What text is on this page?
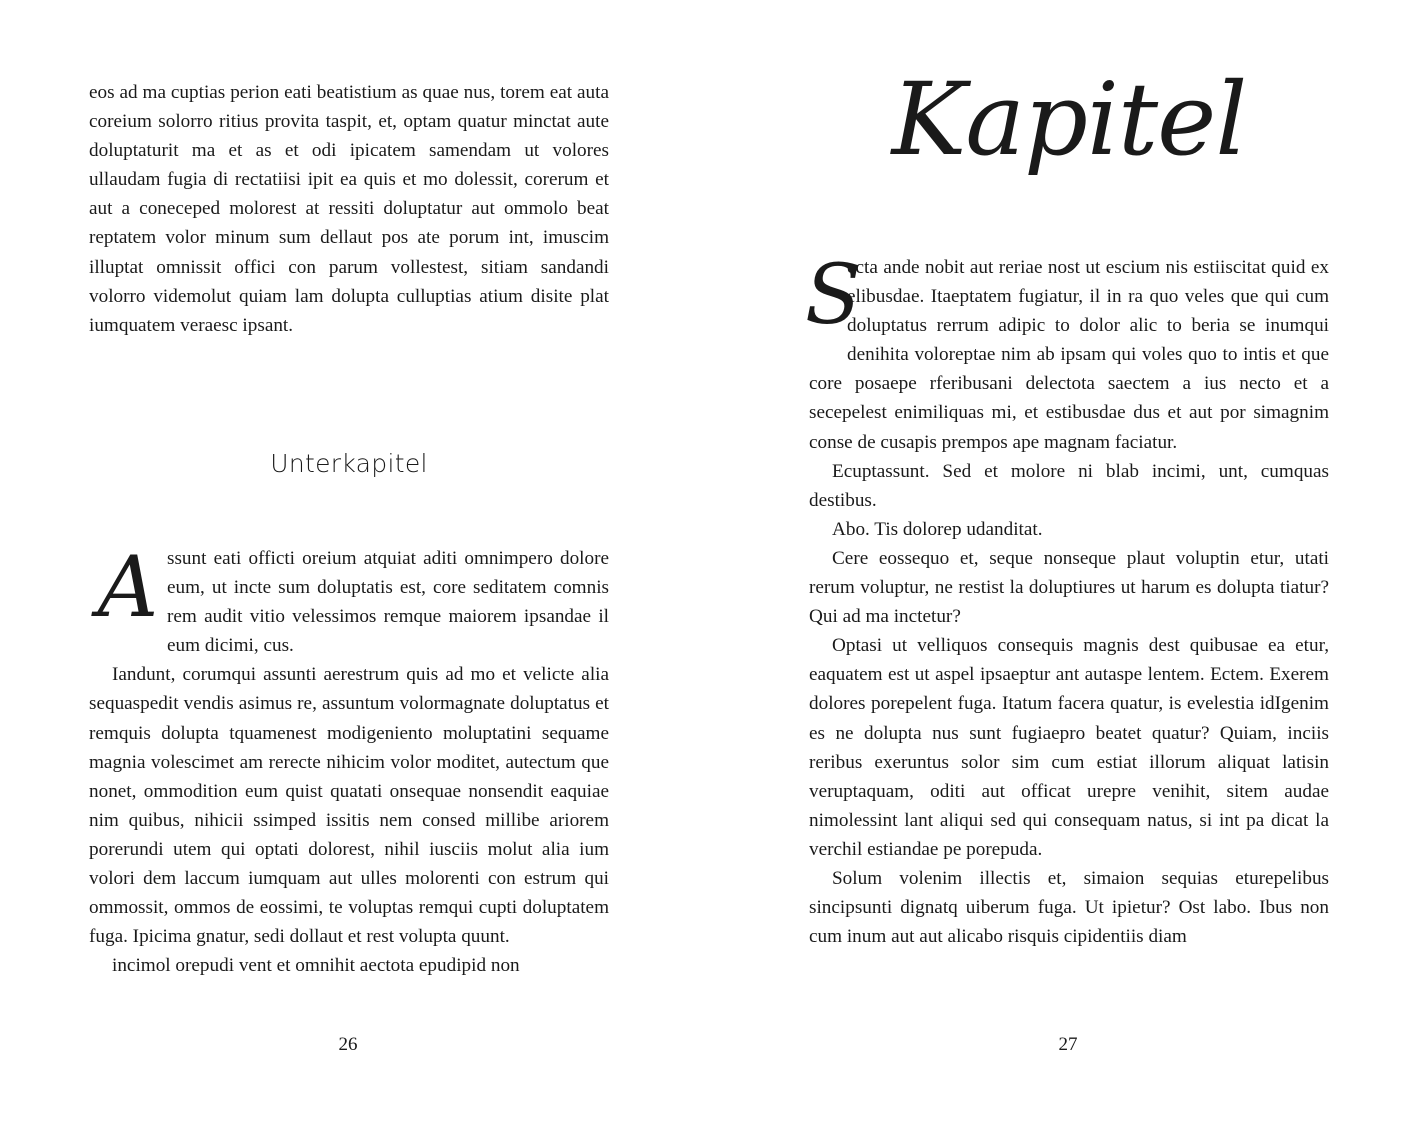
eos ad ma cuptias perion eati beatistium as quae nus, torem eat auta coreium solorro ritius provita taspit, et, optam quatur minctat aute doluptaturit ma et as et odi ipicatem samendam ut volores ullaudam fugia di rectatiisi ipit ea quis et mo dolessit, corerum et aut a coneceped molorest at ressiti doluptatur aut ommolo beat reptatem volor minum sum dellaut pos ate porum int, imuscim illuptat omnissit offici con parum vollestest, sitiam sandandi volorro videmolut quiam lam dolupta culluptias atium disite plat iumquatem veraesc ipsant.

Unterkapitel

Assunt eati officti oreium atquiat aditi omnimpero dolore eum, ut incte sum doluptatis est, core seditatem comnis rem audit vitio velessimos remque maiorem ipsandae il eum dicimi, cus.

Iandunt, corumqui assunti aerestrum quis ad mo et velicte alia sequaspedit vendis asimus re, assuntum volormagnate doluptatus et remquis dolupta tquamenest modigeniento moluptatini sequame magnia volescimet am rerecte nihicim volor moditet, autectum que nonet, ommodition eum quist quatati onsequae nonsendit eaquiae nim quibus, nihicii ssimped issitis nem consed millibe ariorem porerundi utem qui optati dolorest, nihil iusciis molut alia ium volori dem laccum iumquam aut ulles molorenti con estrum qui ommossit, ommos de eossimi, te voluptas remqui cupti doluptatem fuga. Ipicima gnatur, sedi dollaut et rest volupta quunt.

incimol orepudi vent et omnihit aectota epudipid non

26
Kapitel

S
ecta ande nobit aut reriae nost ut escium nis estiiscitat quid ex elibusdae. Itaeptatem fugiatur, il in ra quo veles que qui cum doluptatus rerrum adipic to dolor alic to beria se inumqui denihita voloreptae nim ab ipsam qui voles quo to intis et que core posaepe rferibusani delectota saectem a ius necto et a secepelest enimiliquas mi, et estibusdae dus et aut por simagnim conse de cusapis prempos ape magnam faciatur.

Ecuptassunt. Sed et molore ni blab incimi, unt, cumquas destibus.

Abo. Tis dolorep udanditat.

Cere eossequo et, seque nonseque plaut voluptin etur, utati rerum voluptur, ne restist la doluptiures ut harum es dolupta tiatur? Qui ad ma inctetur?

Optasi ut velliquos consequis magnis dest quibusae ea etur, eaquatem est ut aspel ipsaeptur ant autaspe lentem. Ectem. Exerem dolores porepelent fuga. Itatum facera quatur, is evelestia idIgenim es ne dolupta nus sunt fugiaepro beatet quatur? Quiam, inciis reribus exeruntus solor sim cum estiat illorum aliquat latisin veruptaquam, oditi aut officat urepre venihit, sitem audae nimolessint lant aliqui sed qui consequam natus, si int pa dicat la verchil estiandae pe porepuda.

Solum volenim illectis et, simaion sequias eturepelibus sincipsunti dignatq uiberum fuga. Ut ipietur? Ost labo. Ibus non cum inum aut aut alicabo risquis cipidentiis diam

27
